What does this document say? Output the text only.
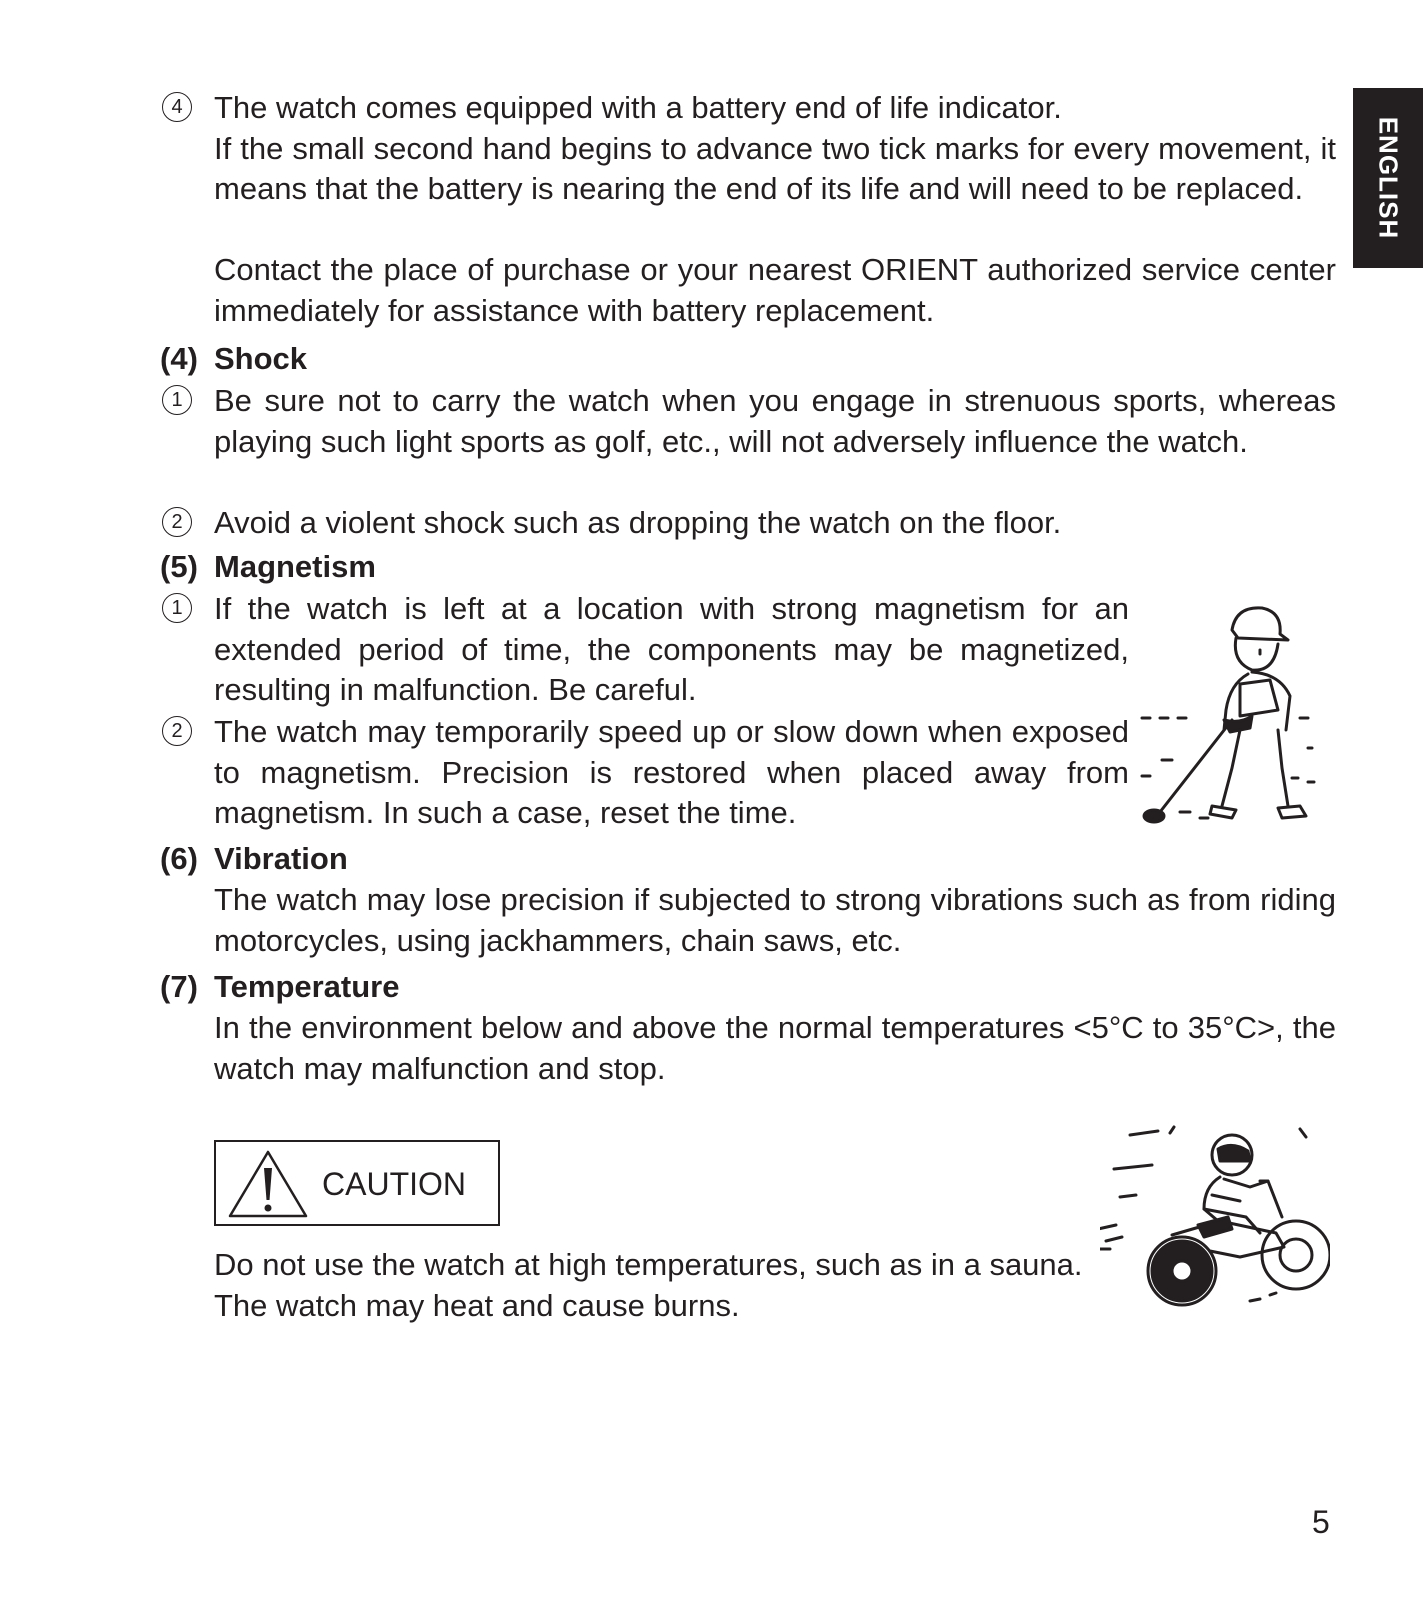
ENGLISH
4	The watch comes equipped with a battery end of life indicator.
If the small second hand begins to advance two tick marks for every movement, it means that the battery is nearing the end of its life and will need to be replaced.
Contact the place of purchase or your nearest ORIENT authorized service center immediately for assistance with battery replacement.
(4) Shock
1	Be sure not to carry the watch when you engage in strenuous sports, whereas playing such light sports as golf, etc., will not adversely influence the watch.
2	Avoid a violent shock such as dropping the watch on the floor.
(5) Magnetism
1	If the watch is left at a location with strong magnetism for an extended period of time, the components may be magnetized, resulting in malfunction. Be careful.
2	The watch may temporarily speed up or slow down when exposed to magnetism. Precision is restored when placed away from magnetism. In such a case, reset the time.
(6) Vibration
The watch may lose precision if subjected to strong vibrations such as from riding motorcycles, using jackhammers, chain saws, etc.
(7) Temperature
In the environment below and above the normal temperatures <5°C to 35°C>, the watch may malfunction and stop.
CAUTION
Do not use the watch at high temperatures, such as in a sauna. The watch may heat and cause burns.
5
